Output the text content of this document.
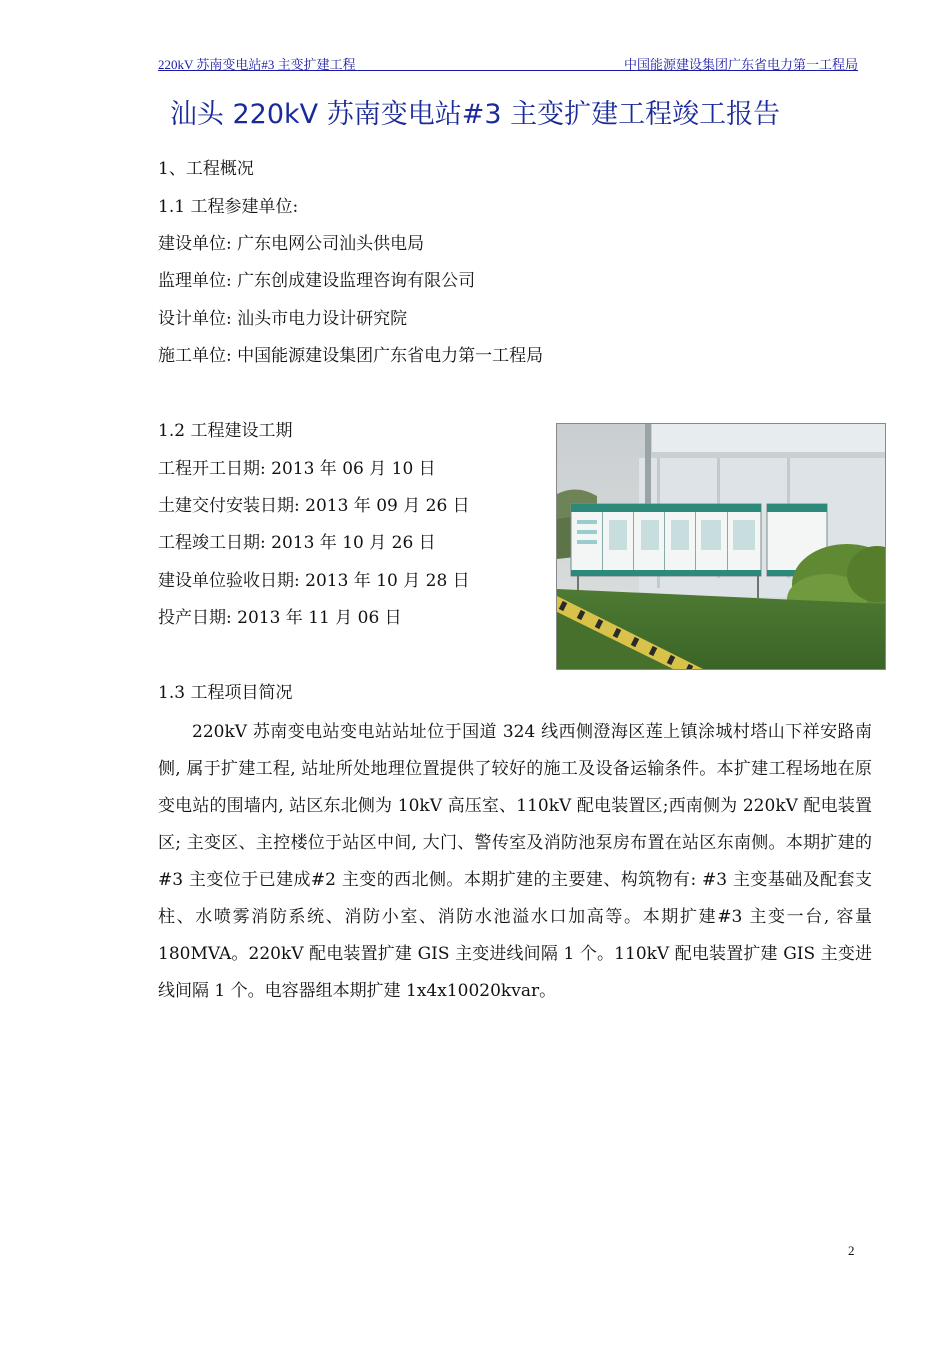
220kV 苏南变电站#3 主变扩建工程	中国能源建设集团广东省电力第一工程局
汕头 220kV 苏南变电站#3 主变扩建工程竣工报告
1、工程概况
1.1 工程参建单位:
建设单位: 广东电网公司汕头供电局
监理单位: 广东创成建设监理咨询有限公司
设计单位: 汕头市电力设计研究院
施工单位: 中国能源建设集团广东省电力第一工程局
1.2 工程建设工期
工程开工日期: 2013 年 06 月 10 日
土建交付安装日期: 2013 年 09 月 26 日
工程竣工日期: 2013 年 10 月 26 日
建设单位验收日期: 2013 年 10 月 28 日
投产日期: 2013 年 11 月 06 日
1.3 工程项目简况
220kV 苏南变电站变电站站址位于国道 324 线西侧澄海区莲上镇涂城村塔山下祥安路南侧, 属于扩建工程, 站址所处地理位置提供了较好的施工及设备运输条件。本扩建工程场地在原变电站的围墙内, 站区东北侧为 10kV 高压室、110kV 配电装置区;西南侧为 220kV 配电装置区; 主变区、主控楼位于站区中间, 大门、警传室及消防池泵房布置在站区东南侧。本期扩建的#3 主变位于已建成#2 主变的西北侧。本期扩建的主要建、构筑物有: #3 主变基础及配套支柱、水喷雾消防系统、消防小室、消防水池溢水口加高等。本期扩建#3 主变一台, 容量 180MVA。220kV 配电装置扩建 GIS 主变进线间隔 1 个。110kV 配电装置扩建 GIS 主变进线间隔 1 个。电容器组本期扩建 1x4x10020kvar。
2
